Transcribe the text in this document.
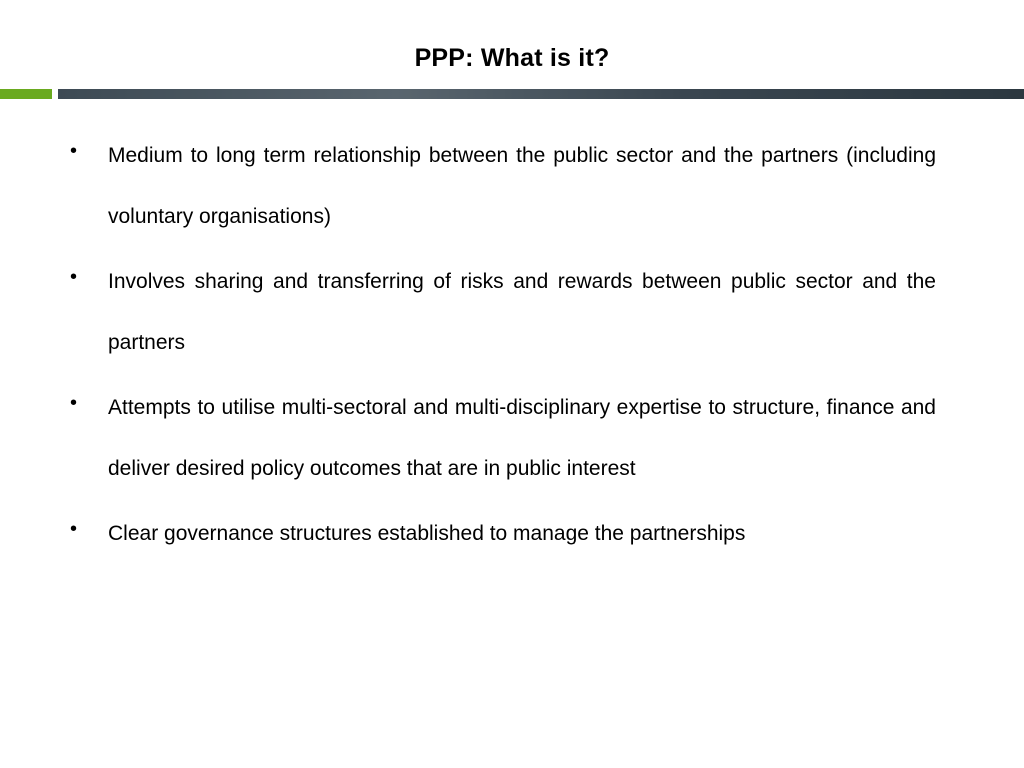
PPP: What is it?
• Medium to long term relationship between the public sector and the partners (including voluntary organisations)
• Involves sharing and transferring of risks and rewards between public sector and the partners
• Attempts to utilise multi-sectoral and multi-disciplinary expertise to structure, finance and deliver desired policy outcomes that are in public interest
• Clear governance structures established to manage the partnerships
